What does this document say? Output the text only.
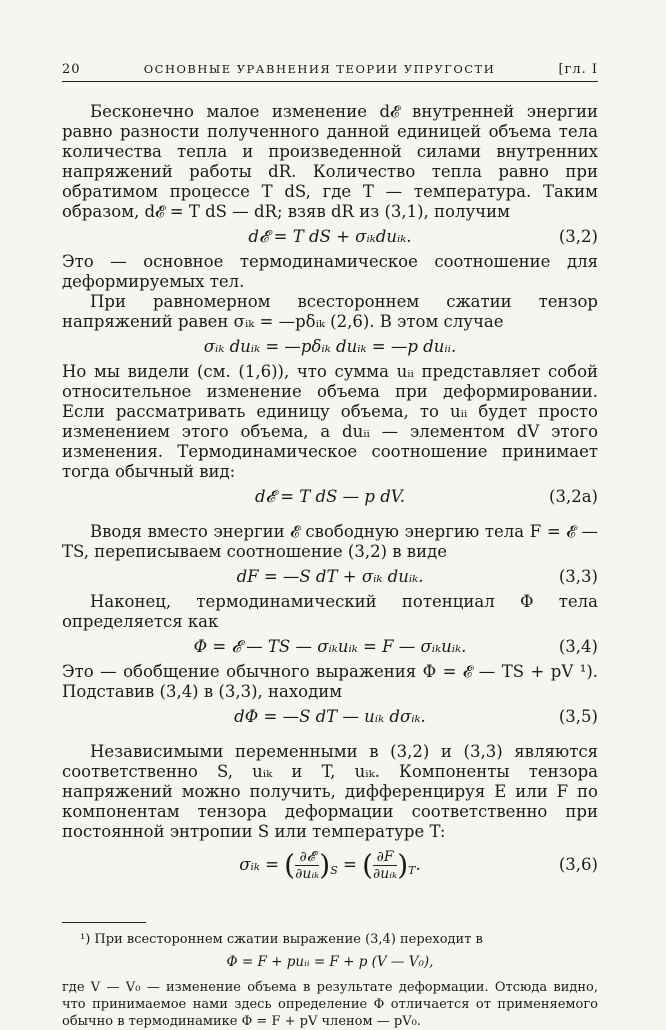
20	ОСНОВНЫЕ УРАВНЕНИЯ ТЕОРИИ УПРУГОСТИ	[гл. I

Бесконечно малое изменение d𝓔 внутренней энергии равно разности полученного данной единицей объема тела количества тепла и произведенной силами внутренних напряжений работы dR. Количество тепла равно при обратимом процессе T dS, где T — температура. Таким образом, d𝓔 = T dS — dR; взяв dR из (3,1), получим

d𝓔 = T dS + σᵢₖduᵢₖ.	(3,2)

Это — основное термодинамическое соотношение для деформируемых тел.

При равномерном всестороннем сжатии тензор напряжений равен σᵢₖ = —pδᵢₖ (2,6). В этом случае

σᵢₖ duᵢₖ = —pδᵢₖ duᵢₖ = —p duᵢᵢ.

Но мы видели (см. (1,6)), что сумма uᵢᵢ представляет собой относительное изменение объема при деформировании. Если рассматривать единицу объема, то uᵢᵢ будет просто изменением этого объема, а duᵢᵢ — элементом dV этого изменения. Термодинамическое соотношение принимает тогда обычный вид:

d𝓔 = T dS — p dV.	(3,2а)

Вводя вместо энергии 𝓔 свободную энергию тела F = 𝓔 — TS, переписываем соотношение (3,2) в виде

dF = —S dT + σᵢₖ duᵢₖ.	(3,3)

Наконец, термодинамический потенциал Φ тела определяется как

Φ = 𝓔 — TS — σᵢₖuᵢₖ = F — σᵢₖuᵢₖ.	(3,4)

Это — обобщение обычного выражения Φ = 𝓔 — TS + pV ¹). Подставив (3,4) в (3,3), находим

dΦ = —S dT — uᵢₖ dσᵢₖ.	(3,5)

Независимыми переменными в (3,2) и (3,3) являются соответственно S, uᵢₖ и T, uᵢₖ. Компоненты тензора напряжений можно получить, дифференцируя E или F по компонентам тензора деформации соответственно при постоянной энтропии S или температуре T:

σᵢₖ = ( $\frac{\text{∂𝓔}}{\text{∂uᵢₖ}} )_S$ = ( $\frac{\partial F}{\text{∂uᵢₖ}} )_T$.	(3,6)
¹) При всестороннем сжатии выражение (3,4) переходит в
Φ = F + puᵢᵢ = F + p (V — V₀),
где V — V₀ — изменение объема в результате деформации. Отсюда видно, что принимаемое нами здесь определение Φ отличается от применяемого обычно в термодинамике Φ = F + pV членом — pV₀.
